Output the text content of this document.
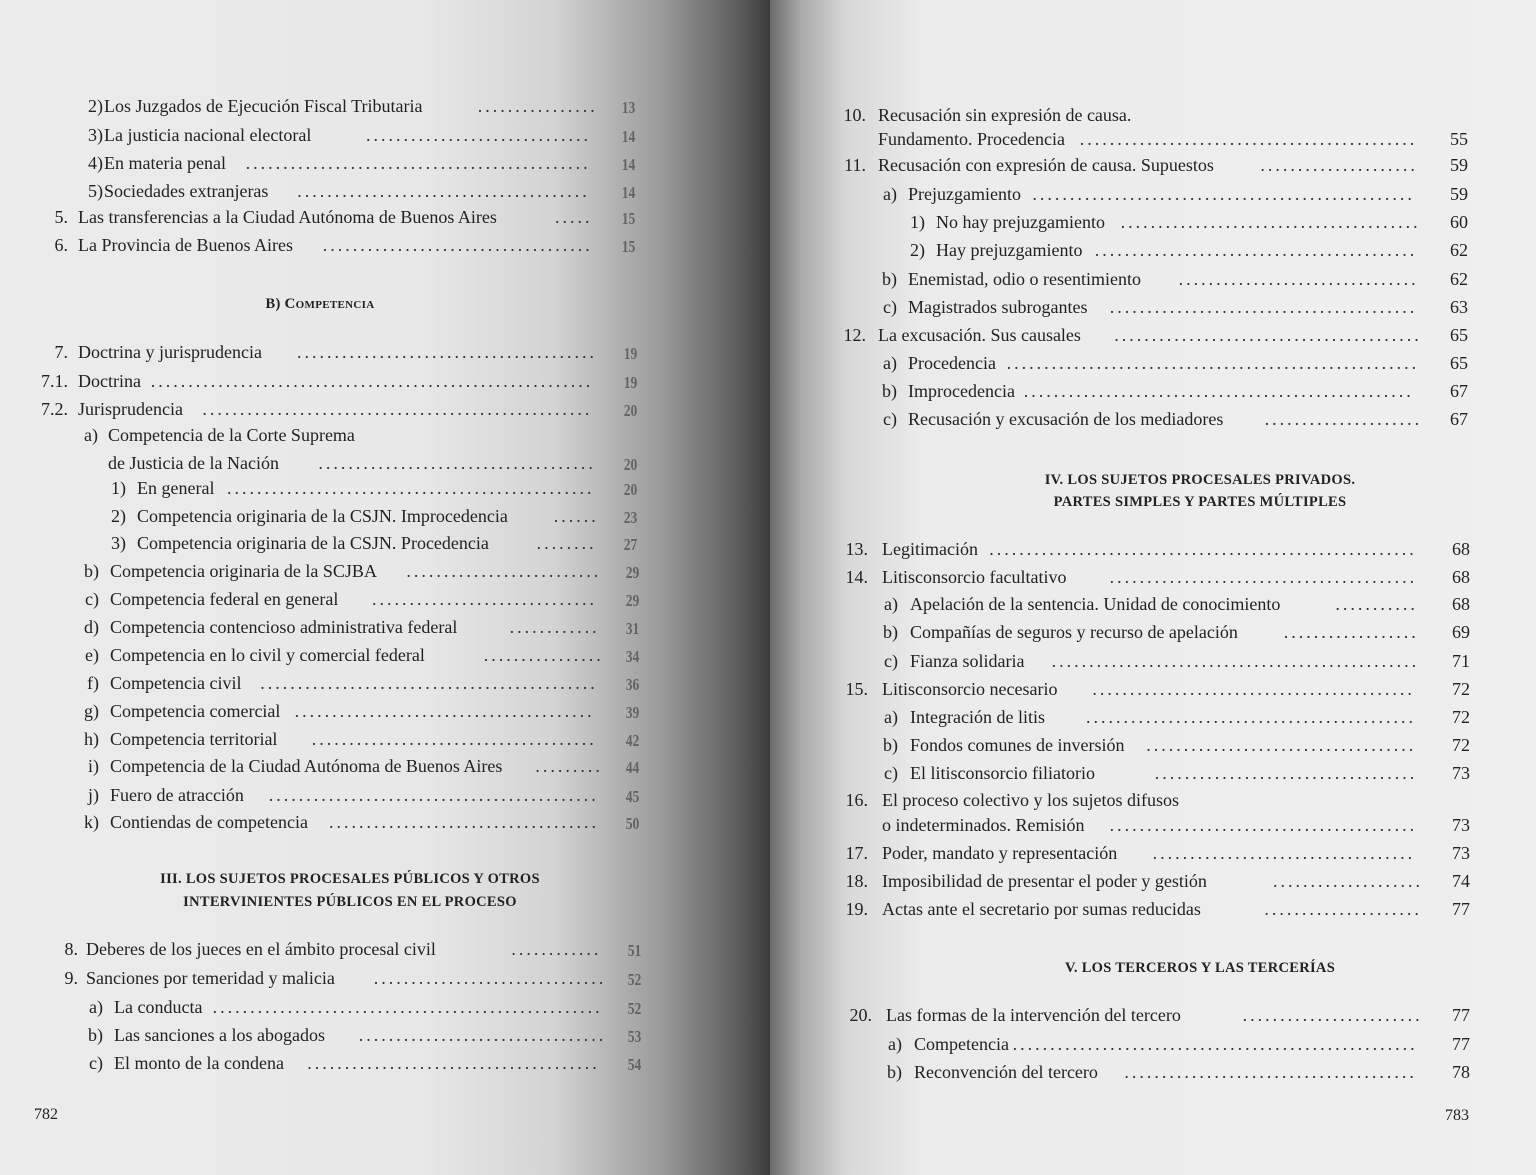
2) Los Juzgados de Ejecución Fiscal Tributaria	................ 13
3) La justicia nacional electoral	..............................	14
4) En materia penal ..............................................	14
5) Sociedades extranjeras .......................................	14
5. Las transferencias a la Ciudad Autónoma de Buenos Aires	.....	15
6. La Provincia de Buenos Aires ....................................	15
7. Doctrina y jurisprudencia ........................................ 19
7.1. Doctrina ...........................................................	19
7.2. Jurisprudencia ....................................................	20
a) Competencia de la Corte Suprema
de Justicia de la Nación .....................................	20
1) En general .................................................	20
2) Competencia originaria de la CSJN. Improcedencia	...... 23
3) Competencia originaria de la CSJN. Procedencia	........	27
b) Competencia originaria de la SCJBA .......................... 29
c) Competencia federal en general ..............................	29
d) Competencia contencioso administrativa federal	............	31
e) Competencia en lo civil y comercial federal	................ 34
f) Competencia civil .............................................	36
g) Competencia comercial ........................................	39
h) Competencia territorial ......................................	42
i) Competencia de la Ciudad Autónoma de Buenos Aires ......... 44
j) Fuero de atracción ............................................	45
k) Contiendas de competencia ....................................	50
8. Deberes de los jueces en el ámbito procesal civil	............	51
9. Sanciones por temeridad y malicia ............................... 52
a) La conducta ....................................................	52
b) Las sanciones a los abogados ................................. 53
c) El monto de la condena .......................................	54
B) Competencia
III. LOS SUJETOS PROCESALES PÚBLICOS Y OTROS
INTERVINIENTES PÚBLICOS EN EL PROCESO
782
10. Recusación sin expresión de causa.
Fundamento. Procedencia .............................................	55
11. Recusación con expresión de causa. Supuestos	.....................	59
a) Prejuzgamiento ...................................................	59
1) No hay prejuzgamiento ........................................	60
2) Hay prejuzgamiento ...........................................	62
b) Enemistad, odio o resentimiento ................................	62
c) Magistrados subrogantes .........................................	63
12. La excusación. Sus causales .........................................	65
a) Procedencia .......................................................	65
b) Improcedencia ....................................................	67
c) Recusación y excusación de los mediadores .....................	67
13. Legitimación .........................................................	68
14. Litisconsorcio facultativo .........................................	68
a) Apelación de la sentencia. Unidad de conocimiento	...........	68
b) Compañías de seguros y recurso de apelación	..................	69
c) Fianza solidaria .................................................	71
15. Litisconsorcio necesario ...........................................	72
a) Integración de litis ............................................	72
b) Fondos comunes de inversión ....................................	72
c) El litisconsorcio filiatorio	...................................	73
16. El proceso colectivo y los sujetos difusos
o indeterminados. Remisión .........................................	73
17. Poder, mandato y representación ...................................	73
18. Imposibilidad de presentar el poder y gestión	....................	74
19. Actas ante el secretario por sumas reducidas	.....................	77
20. Las formas de la intervención del tercero	........................	77
a) Competencia ......................................................	77
b) Reconvención del tercero .......................................	78
IV. LOS SUJETOS PROCESALES PRIVADOS.
PARTES SIMPLES Y PARTES MÚLTIPLES
V. LOS TERCEROS Y LAS TERCERÍAS
783
